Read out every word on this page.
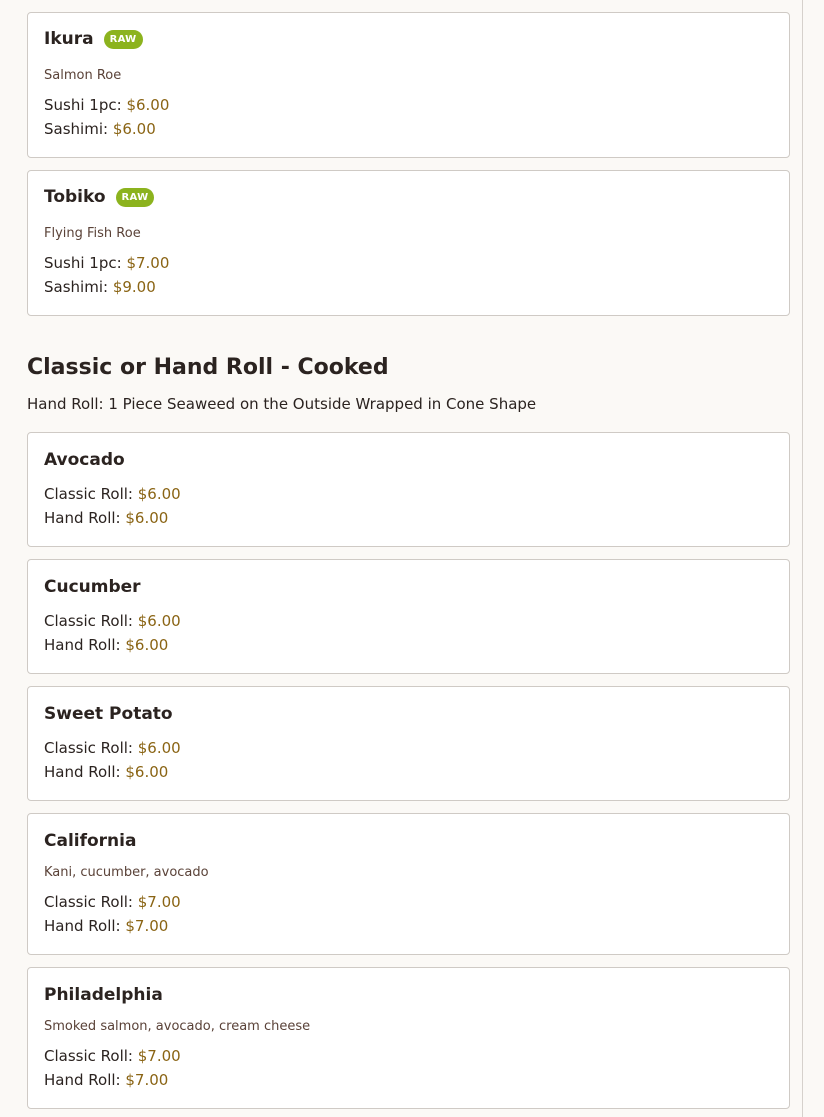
Ikura	RAW
Salmon Roe
Sushi 1pc: $6.00
Sashimi: $6.00
Tobiko	RAW
Flying Fish Roe
Sushi 1pc: $7.00
Sashimi: $9.00
Classic or Hand Roll - Cooked
Hand Roll: 1 Piece Seaweed on the Outside Wrapped in Cone Shape
Avocado
Classic Roll: $6.00
Hand Roll: $6.00
Cucumber
Classic Roll: $6.00
Hand Roll: $6.00
Sweet Potato
Classic Roll: $6.00
Hand Roll: $6.00
California
Kani, cucumber, avocado
Classic Roll: $7.00
Hand Roll: $7.00
Philadelphia
Smoked salmon, avocado, cream cheese
Classic Roll: $7.00
Hand Roll: $7.00
